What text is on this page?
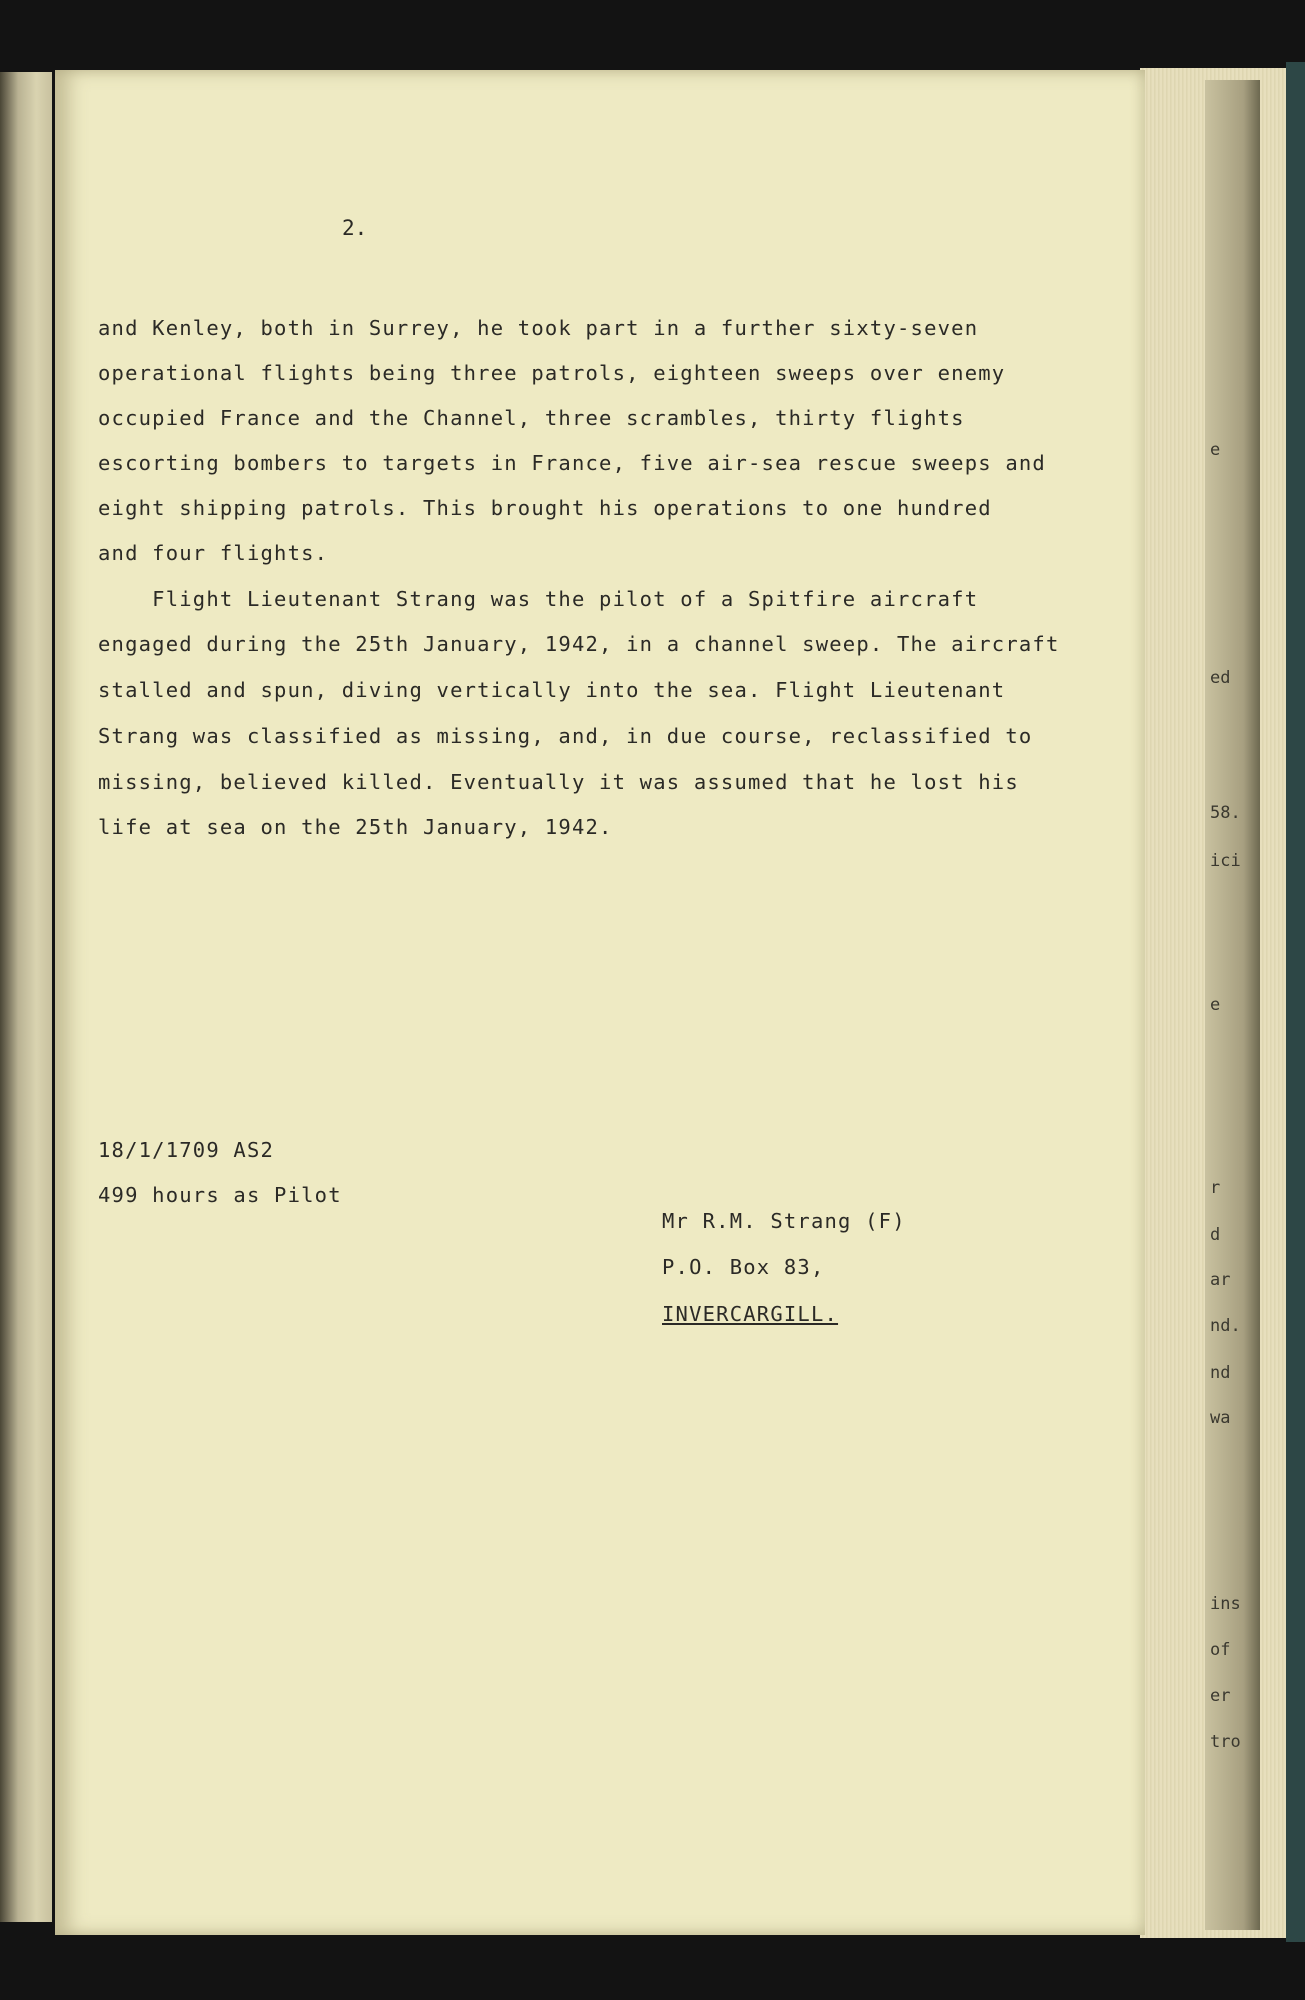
2.
and Kenley, both in Surrey, he took part in a further sixty-seven
operational flights being three patrols, eighteen sweeps over enemy
occupied France and the Channel, three scrambles, thirty flights
escorting bombers to targets in France, five air-sea rescue sweeps and
eight shipping patrols. This brought his operations to one hundred
and four flights.
Flight Lieutenant Strang was the pilot of a Spitfire aircraft
engaged during the 25th January, 1942, in a channel sweep. The aircraft
stalled and spun, diving vertically into the sea. Flight Lieutenant
Strang was classified as missing, and, in due course, reclassified to
missing, believed killed. Eventually it was assumed that he lost his
life at sea on the 25th January, 1942.
18/1/1709 AS2
499 hours as Pilot
Mr R.M. Strang (F)
P.O. Box 83,
INVERCARGILL.
e
ed
58.
ici
e
r
d
ar
nd.
nd
wa
ins
of
er
tro
